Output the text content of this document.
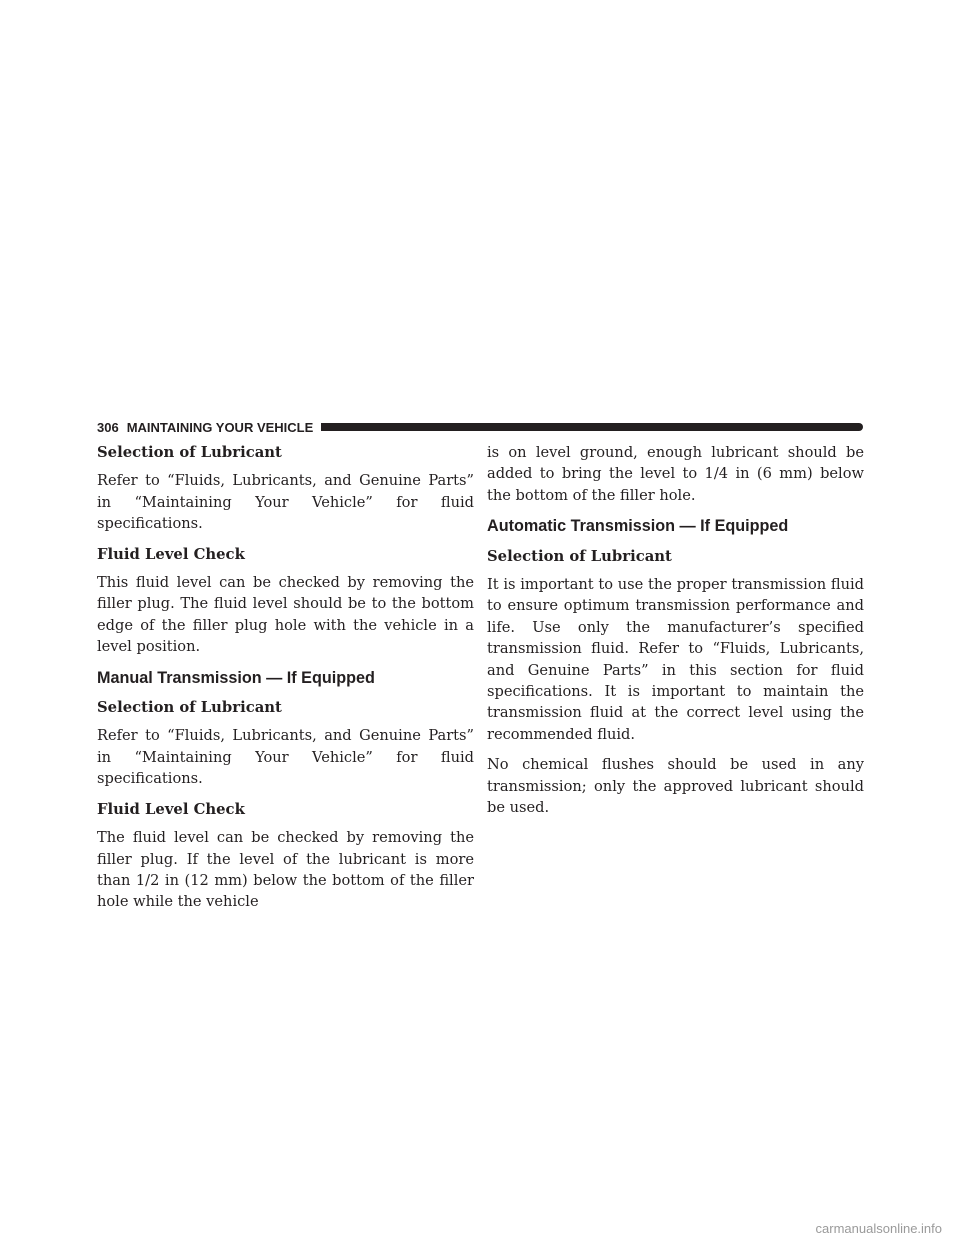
306 MAINTAINING YOUR VEHICLE
Selection of Lubricant

Refer to “Fluids, Lubricants, and Genuine Parts” in “Maintaining Your Vehicle” for fluid specifications.

Fluid Level Check

This fluid level can be checked by removing the filler plug. The fluid level should be to the bottom edge of the filler plug hole with the vehicle in a level position.

Manual Transmission — If Equipped
Selection of Lubricant

Refer to “Fluids, Lubricants, and Genuine Parts” in “Maintaining Your Vehicle” for fluid specifications.

Fluid Level Check

The fluid level can be checked by removing the filler plug. If the level of the lubricant is more than 1/2 in (12 mm) below the bottom of the filler hole while the vehicle

is on level ground, enough lubricant should be added to bring the level to 1/4 in (6 mm) below the bottom of the filler hole.

Automatic Transmission — If Equipped
Selection of Lubricant

It is important to use the proper transmission fluid to ensure optimum transmission performance and life. Use only the manufacturer’s specified transmission fluid. Refer to “Fluids, Lubricants, and Genuine Parts” in this section for fluid specifications. It is important to maintain the transmission fluid at the correct level using the recommended fluid.

No chemical flushes should be used in any transmission; only the approved lubricant should be used.

carmanualsonline.info
